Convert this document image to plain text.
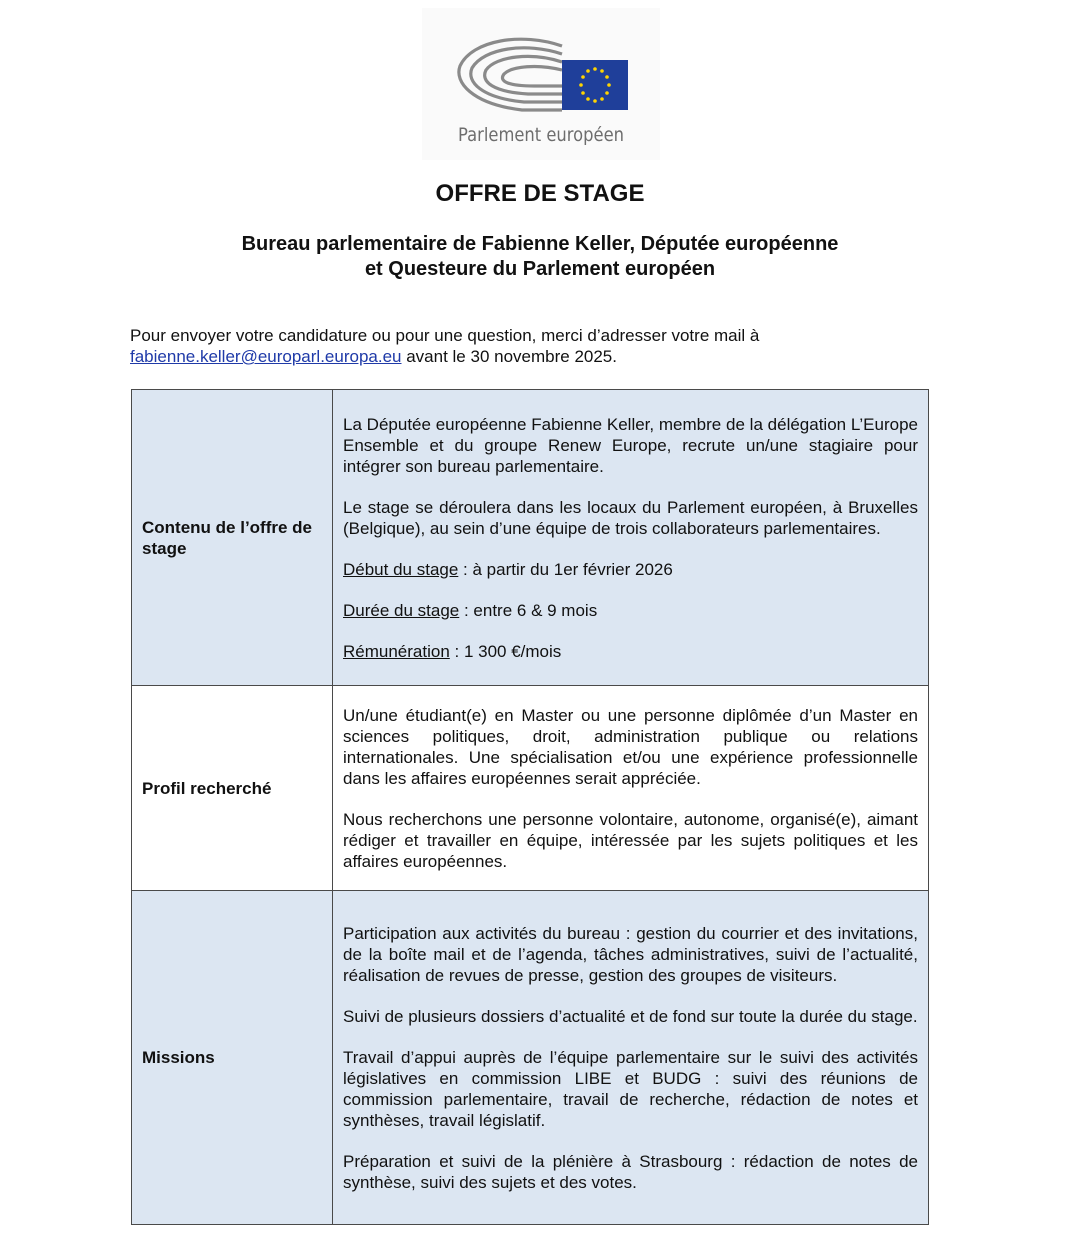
Parlement européen
OFFRE DE STAGE
Bureau parlementaire de Fabienne Keller, Députée européenne
et Questeure du Parlement européen
Pour envoyer votre candidature ou pour une question, merci d’adresser votre mail à
fabienne.keller@europarl.europa.eu avant le 30 novembre 2025.
Contenu de l’offre de stage	La Députée européenne Fabienne Keller, membre de la délégation L’Europe Ensemble et du groupe Renew Europe, recrute un/une stagiaire pour intégrer son bureau parlementaire.

Le stage se déroulera dans les locaux du Parlement européen, à Bruxelles (Belgique), au sein d’une équipe de trois collaborateurs parlementaires.

Début du stage : à partir du 1er février 2026

Durée du stage : entre 6 & 9 mois

Rémunération : 1 300 €/mois

Profil recherché	Un/une étudiant(e) en Master ou une personne diplômée d’un Master en sciences politiques, droit, administration publique ou relations internationales. Une spécialisation et/ou une expérience professionnelle dans les affaires européennes serait appréciée.

Nous recherchons une personne volontaire, autonome, organisé(e), aimant rédiger et travailler en équipe, intéressée par les sujets politiques et les affaires européennes.

Missions	Participation aux activités du bureau : gestion du courrier et des invitations, de la boîte mail et de l’agenda, tâches administratives, suivi de l’actualité, réalisation de revues de presse, gestion des groupes de visiteurs.

Suivi de plusieurs dossiers d’actualité et de fond sur toute la durée du stage.

Travail d’appui auprès de l’équipe parlementaire sur le suivi des activités législatives en commission LIBE et BUDG : suivi des réunions de commission parlementaire, travail de recherche, rédaction de notes et synthèses, travail législatif.

Préparation et suivi de la plénière à Strasbourg : rédaction de notes de synthèse, suivi des sujets et des votes.
